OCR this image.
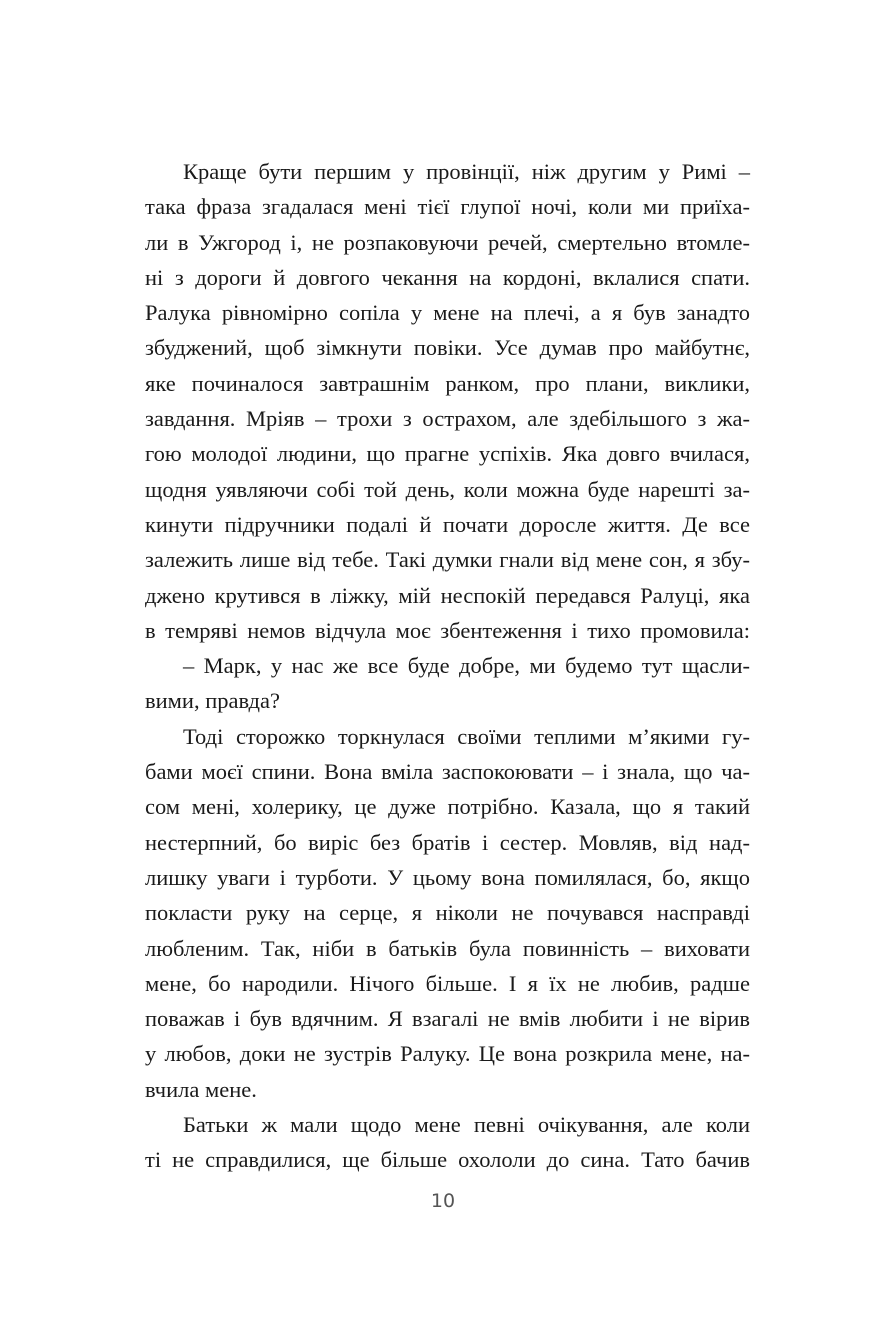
Краще бути першим у провінції, ніж другим у Римі –
така фраза згадалася мені тієї глупої ночі, коли ми приїха-
ли в Ужгород і, не розпаковуючи речей, смертельно втомле-
ні з дороги й довгого чекання на кордоні, вклалися спати.
Ралука рівномірно сопіла у мене на плечі, а я був занадто
збуджений, щоб зімкнути повіки. Усе думав про майбутнє,
яке починалося завтрашнім ранком, про плани, виклики,
завдання. Мріяв – трохи з острахом, але здебільшого з жа-
гою молодої людини, що прагне успіхів. Яка довго вчилася,
щодня уявляючи собі той день, коли можна буде нарешті за-
кинути підручники подалі й почати доросле життя. Де все
залежить лише від тебе. Такі думки гнали від мене сон, я збу-
джено крутився в ліжку, мій неспокій передався Ралуці, яка
в темряві немов відчула моє збентеження і тихо промовила:
– Марк, у нас же все буде добре, ми будемо тут щасли-
вими, правда?
Тоді сторожко торкнулася своїми теплими м’якими гу-
бами моєї спини. Вона вміла заспокоювати – і знала, що ча-
сом мені, холерику, це дуже потрібно. Казала, що я такий
нестерпний, бо виріс без братів і сестер. Мовляв, від над-
лишку уваги і турботи. У цьому вона помилялася, бо, якщо
покласти руку на серце, я ніколи не почувався насправді
любленим. Так, ніби в батьків була повинність – виховати
мене, бо народили. Нічого більше. І я їх не любив, радше
поважав і був вдячним. Я взагалі не вмів любити і не вірив
у любов, доки не зустрів Ралуку. Це вона розкрила мене, на-
вчила мене.
Батьки ж мали щодо мене певні очікування, але коли
ті не справдилися, ще більше охололи до сина. Тато бачив
10
